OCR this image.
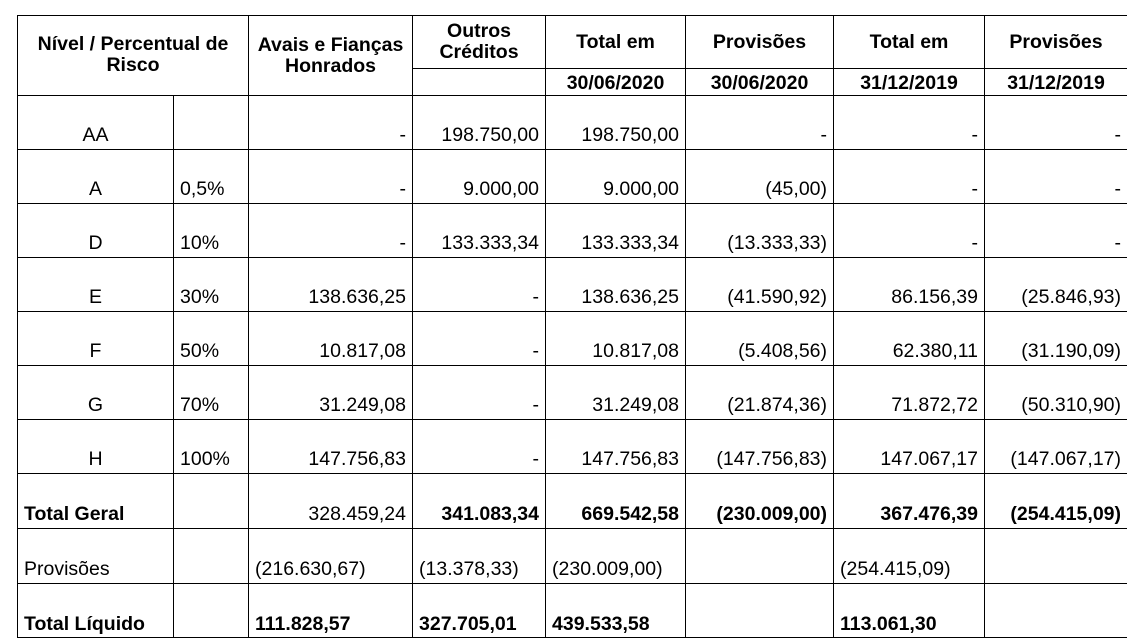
Nível / Percentual de Risco		Avais e Fianças Honrados	Outros Créditos	Total em	Provisões	Total em	Provisões
				30/06/2020	30/06/2020	31/12/2019	31/12/2019
AA		-	198.750,00	198.750,00	-	-	-
A	0,5%	-	9.000,00	9.000,00	(45,00)	-	-
D	10%	-	133.333,34	133.333,34	(13.333,33)	-	-
E	30%	138.636,25	-	138.636,25	(41.590,92)	86.156,39	(25.846,93)
F	50%	10.817,08	-	10.817,08	(5.408,56)	62.380,11	(31.190,09)
G	70%	31.249,08	-	31.249,08	(21.874,36)	71.872,72	(50.310,90)
H	100%	147.756,83	-	147.756,83	(147.756,83)	147.067,17	(147.067,17)
Total Geral		328.459,24	341.083,34	669.542,58	(230.009,00)	367.476,39	(254.415,09)
Provisões		(216.630,67)	(13.378,33)	(230.009,00)		(254.415,09)	
Total Líquido		111.828,57	327.705,01	439.533,58		113.061,30	
